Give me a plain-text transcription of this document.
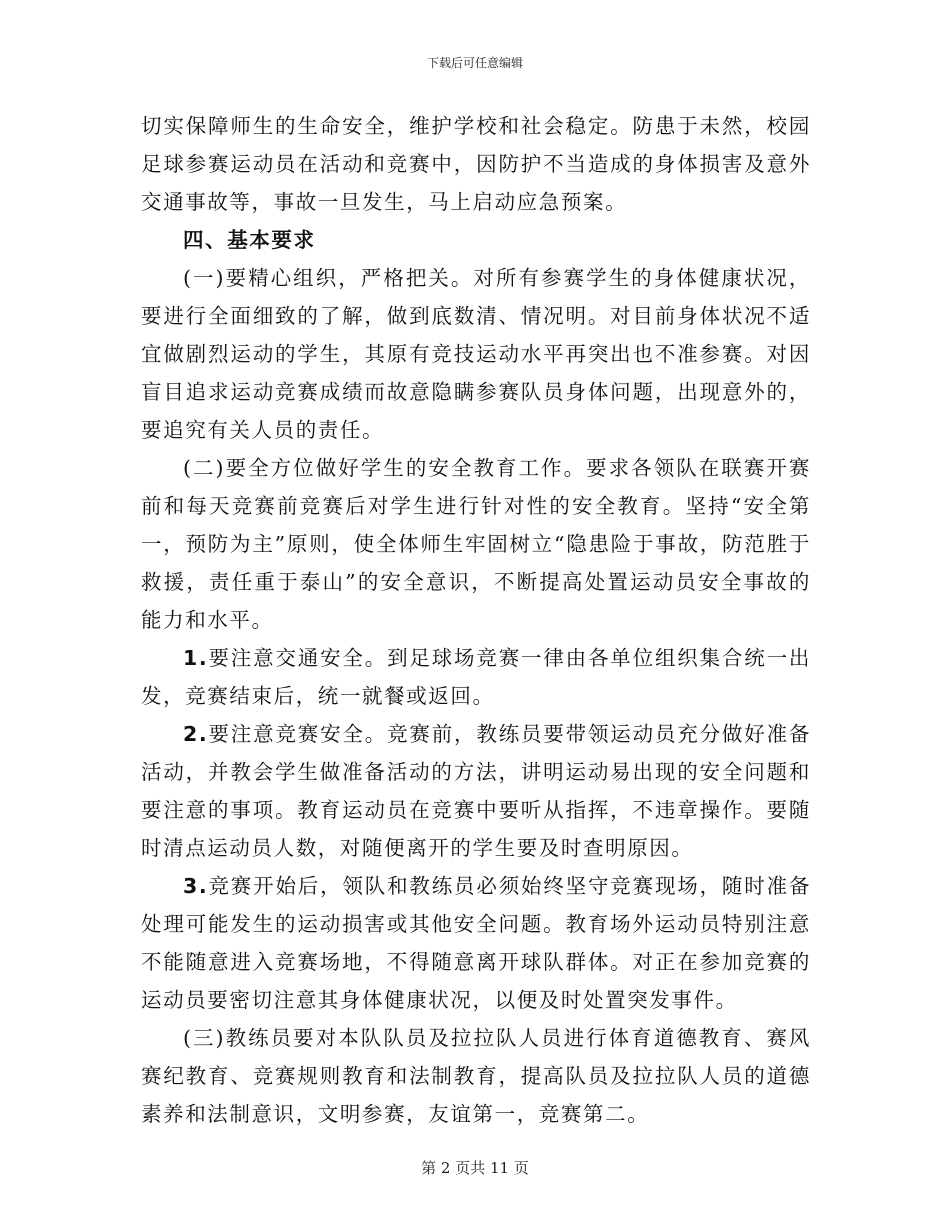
下载后可任意编辑

切实保障师生的生命安全，维护学校和社会稳定。防患于未然，校园足球参赛运动员在活动和竞赛中，因防护不当造成的身体损害及意外交通事故等，事故一旦发生，马上启动应急预案。

四、基本要求

(一)要精心组织，严格把关。对所有参赛学生的身体健康状况，要进行全面细致的了解，做到底数清、情况明。对目前身体状况不适宜做剧烈运动的学生，其原有竞技运动水平再突出也不准参赛。对因盲目追求运动竞赛成绩而故意隐瞒参赛队员身体问题，出现意外的，要追究有关人员的责任。

(二)要全方位做好学生的安全教育工作。要求各领队在联赛开赛前和每天竞赛前竞赛后对学生进行针对性的安全教育。坚持“安全第一，预防为主”原则，使全体师生牢固树立“隐患险于事故，防范胜于救援，责任重于泰山”的安全意识，不断提高处置运动员安全事故的能力和水平。

1.要注意交通安全。到足球场竞赛一律由各单位组织集合统一出发，竞赛结束后，统一就餐或返回。

2.要注意竞赛安全。竞赛前，教练员要带领运动员充分做好准备活动，并教会学生做准备活动的方法，讲明运动易出现的安全问题和要注意的事项。教育运动员在竞赛中要听从指挥，不违章操作。要随时清点运动员人数，对随便离开的学生要及时查明原因。

3.竞赛开始后，领队和教练员必须始终坚守竞赛现场，随时准备处理可能发生的运动损害或其他安全问题。教育场外运动员特别注意不能随意进入竞赛场地，不得随意离开球队群体。对正在参加竞赛的运动员要密切注意其身体健康状况，以便及时处置突发事件。

(三)教练员要对本队队员及拉拉队人员进行体育道德教育、赛风赛纪教育、竞赛规则教育和法制教育，提高队员及拉拉队人员的道德素养和法制意识，文明参赛，友谊第一，竞赛第二。

第 2 页共 11 页
